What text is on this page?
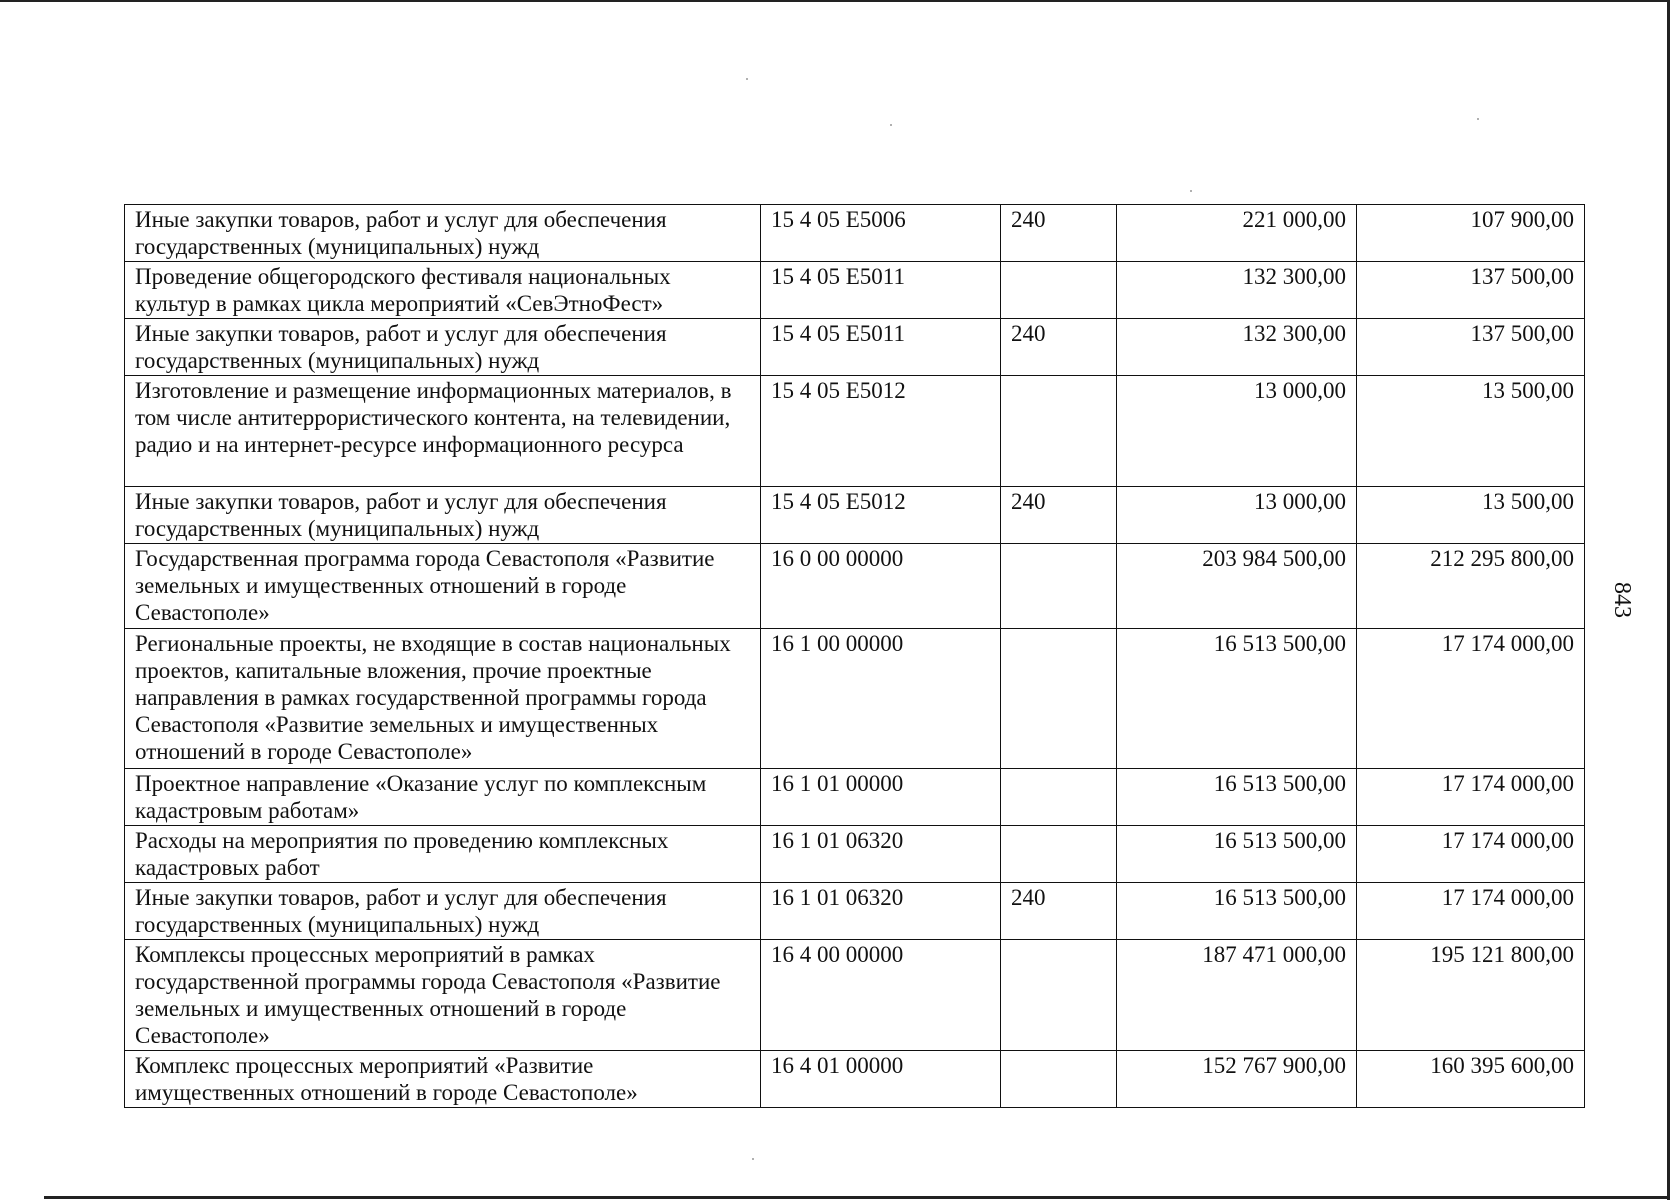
843
Иные закупки товаров, работ и услуг для обеспечения государственных (муниципальных) нужд	15 4 05 E5006	240	221 000,00	107 900,00
Проведение общегородского фестиваля национальных культур в рамках цикла мероприятий «СевЭтноФест»	15 4 05 E5011		132 300,00	137 500,00
Иные закупки товаров, работ и услуг для обеспечения государственных (муниципальных) нужд	15 4 05 E5011	240	132 300,00	137 500,00
Изготовление и размещение информационных материалов, в том числе антитеррористического контента, на телевидении, радио и на интернет-ресурсе информационного ресурса	15 4 05 E5012		13 000,00	13 500,00
Иные закупки товаров, работ и услуг для обеспечения государственных (муниципальных) нужд	15 4 05 E5012	240	13 000,00	13 500,00
Государственная программа города Севастополя «Развитие земельных и имущественных отношений в городе Севастополе»	16 0 00 00000		203 984 500,00	212 295 800,00
Региональные проекты, не входящие в состав национальных проектов, капитальные вложения, прочие проектные направления в рамках государственной программы города Севастополя «Развитие земельных и имущественных отношений в городе Севастополе»	16 1 00 00000		16 513 500,00	17 174 000,00
Проектное направление «Оказание услуг по комплексным кадастровым работам»	16 1 01 00000		16 513 500,00	17 174 000,00
Расходы на мероприятия по проведению комплексных кадастровых работ	16 1 01 06320		16 513 500,00	17 174 000,00
Иные закупки товаров, работ и услуг для обеспечения государственных (муниципальных) нужд	16 1 01 06320	240	16 513 500,00	17 174 000,00
Комплексы процессных мероприятий в рамках государственной программы города Севастополя «Развитие земельных и имущественных отношений в городе Севастополе»	16 4 00 00000		187 471 000,00	195 121 800,00
Комплекс процессных мероприятий «Развитие имущественных отношений в городе Севастополе»	16 4 01 00000		152 767 900,00	160 395 600,00
